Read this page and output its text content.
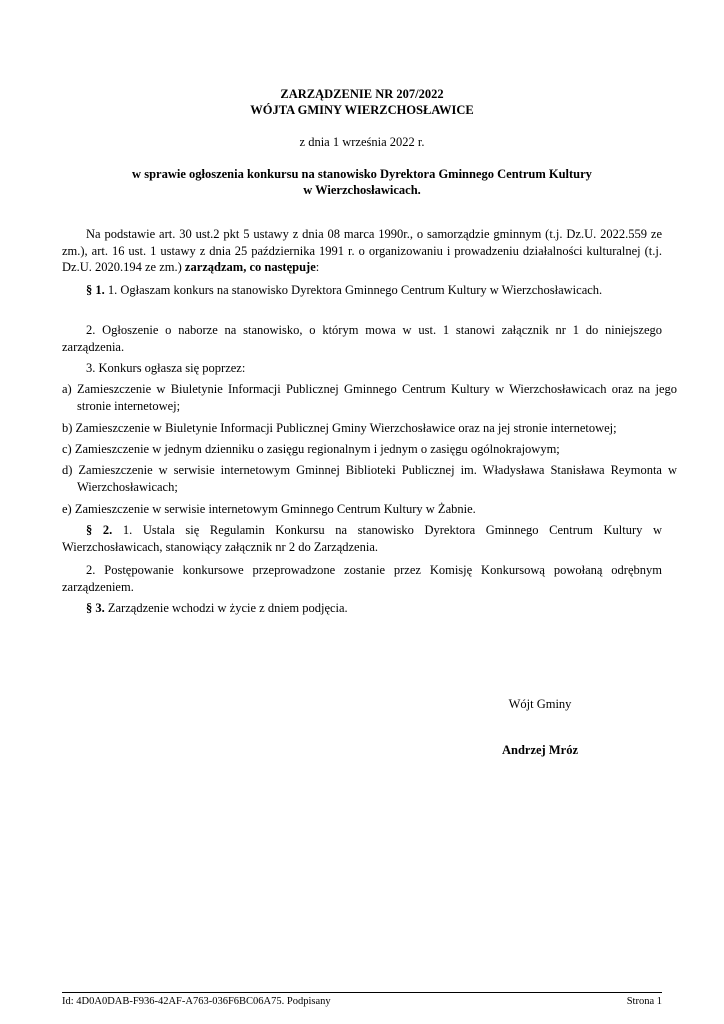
ZARZĄDZENIE NR 207/2022
WÓJTA GMINY WIERZCHOSŁAWICE
z dnia 1 września 2022 r.
w sprawie ogłoszenia konkursu na stanowisko Dyrektora Gminnego Centrum Kultury
w Wierzchosławicach.

Na podstawie art. 30 ust.2 pkt 5 ustawy z dnia 08 marca 1990r., o samorządzie gminnym (t.j. Dz.U. 2022.559 ze zm.), art. 16 ust. 1 ustawy z dnia 25 października 1991 r. o organizowaniu i prowadzeniu działalności kulturalnej (t.j. Dz.U. 2020.194 ze zm.) zarządzam, co następuje:

§ 1. 1. Ogłaszam konkurs na stanowisko Dyrektora Gminnego Centrum Kultury w Wierzchosławicach.

2. Ogłoszenie o naborze na stanowisko, o którym mowa w ust. 1 stanowi załącznik nr 1 do niniejszego zarządzenia.

3. Konkurs ogłasza się poprzez:

a) Zamieszczenie w Biuletynie Informacji Publicznej Gminnego Centrum Kultury w Wierzchosławicach oraz na jego stronie internetowej;
b) Zamieszczenie w Biuletynie Informacji Publicznej Gminy Wierzchosławice oraz na jej stronie internetowej;
c) Zamieszczenie w jednym dzienniku o zasięgu regionalnym i jednym o zasięgu ogólnokrajowym;
d) Zamieszczenie w serwisie internetowym Gminnej Biblioteki Publicznej im. Władysława Stanisława Reymonta w Wierzchosławicach;
e) Zamieszczenie w serwisie internetowym Gminnego Centrum Kultury w Żabnie.

§ 2. 1. Ustala się Regulamin Konkursu na stanowisko Dyrektora Gminnego Centrum Kultury w Wierzchosławicach, stanowiący załącznik nr 2 do Zarządzenia.

2. Postępowanie konkursowe przeprowadzone zostanie przez Komisję Konkursową powołaną odrębnym zarządzeniem.

§ 3. Zarządzenie wchodzi w życie z dniem podjęcia.

Wójt Gminy
Andrzej Mróz
Id: 4D0A0DAB-F936-42AF-A763-036F6BC06A75. Podpisany	Strona 1
